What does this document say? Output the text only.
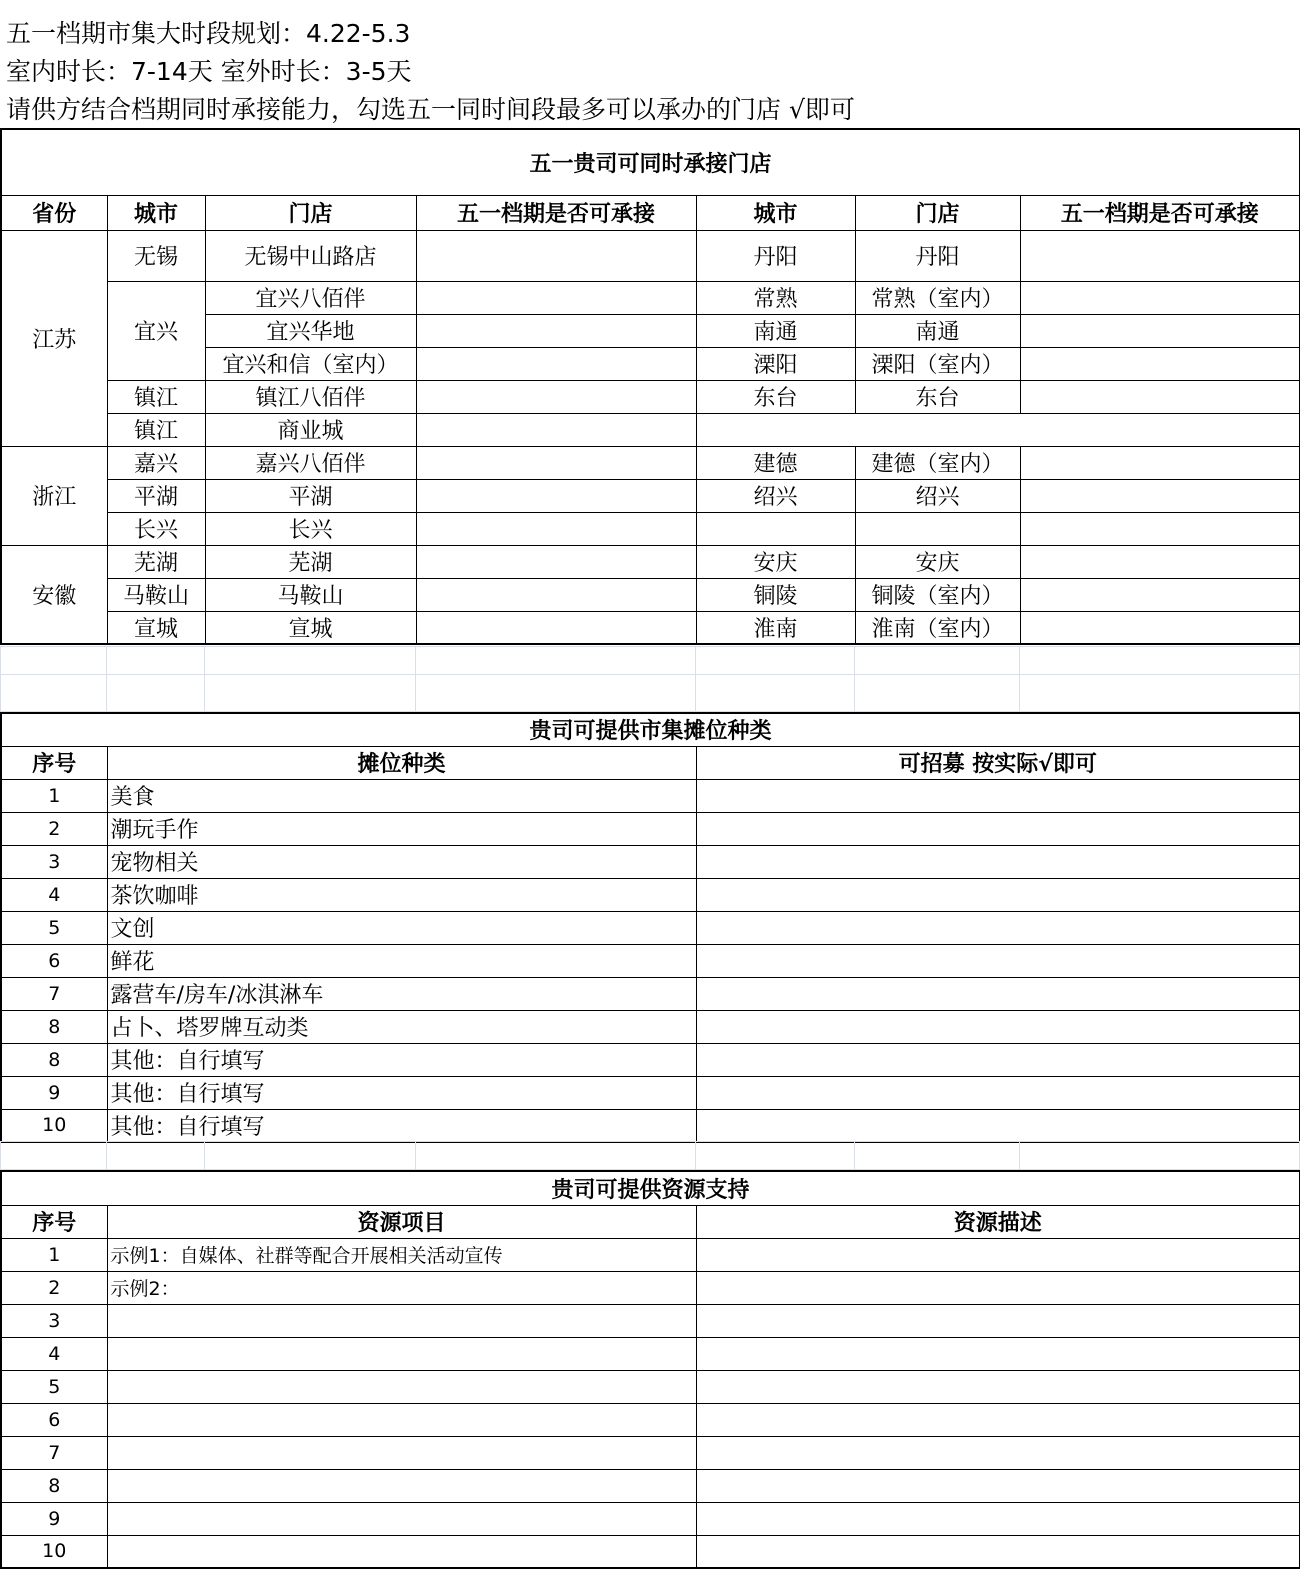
五一档期市集大时段规划：4.22-5.3
室内时长：7-14天 室外时长：3-5天
请供方结合档期同时承接能力，勾选五一同时间段最多可以承办的门店 √即可
五一贵司可同时承接门店						
省份	城市	门店	五一档期是否可承接	城市	门店	五一档期是否可承接
江苏	无锡	无锡中山路店		丹阳	丹阳	
	宜兴	宜兴八佰伴		常熟	常熟（室内）	
		宜兴华地		南通	南通	
		宜兴和信（室内）		溧阳	溧阳（室内）	
	镇江	镇江八佰伴		东台	东台	
	镇江	商业城				
浙江	嘉兴	嘉兴八佰伴		建德	建德（室内）	
	平湖	平湖		绍兴	绍兴	
	长兴	长兴				
安徽	芜湖	芜湖		安庆	安庆	
	马鞍山	马鞍山		铜陵	铜陵（室内）	
	宣城	宣城		淮南	淮南（室内）	

贵司可提供市集摊位种类		
序号	摊位种类	可招募 按实际√即可
1	美食	
2	潮玩手作	
3	宠物相关	
4	茶饮咖啡	
5	文创	
6	鲜花	
7	露营车/房车/冰淇淋车	
8	占卜、塔罗牌互动类	
8	其他：自行填写	
9	其他：自行填写	
10	其他：自行填写	

贵司可提供资源支持		
序号	资源项目	资源描述
1	示例1：自媒体、社群等配合开展相关活动宣传	
2	示例2：	
3		
4		
5		
6		
7		
8		
9		
10		
